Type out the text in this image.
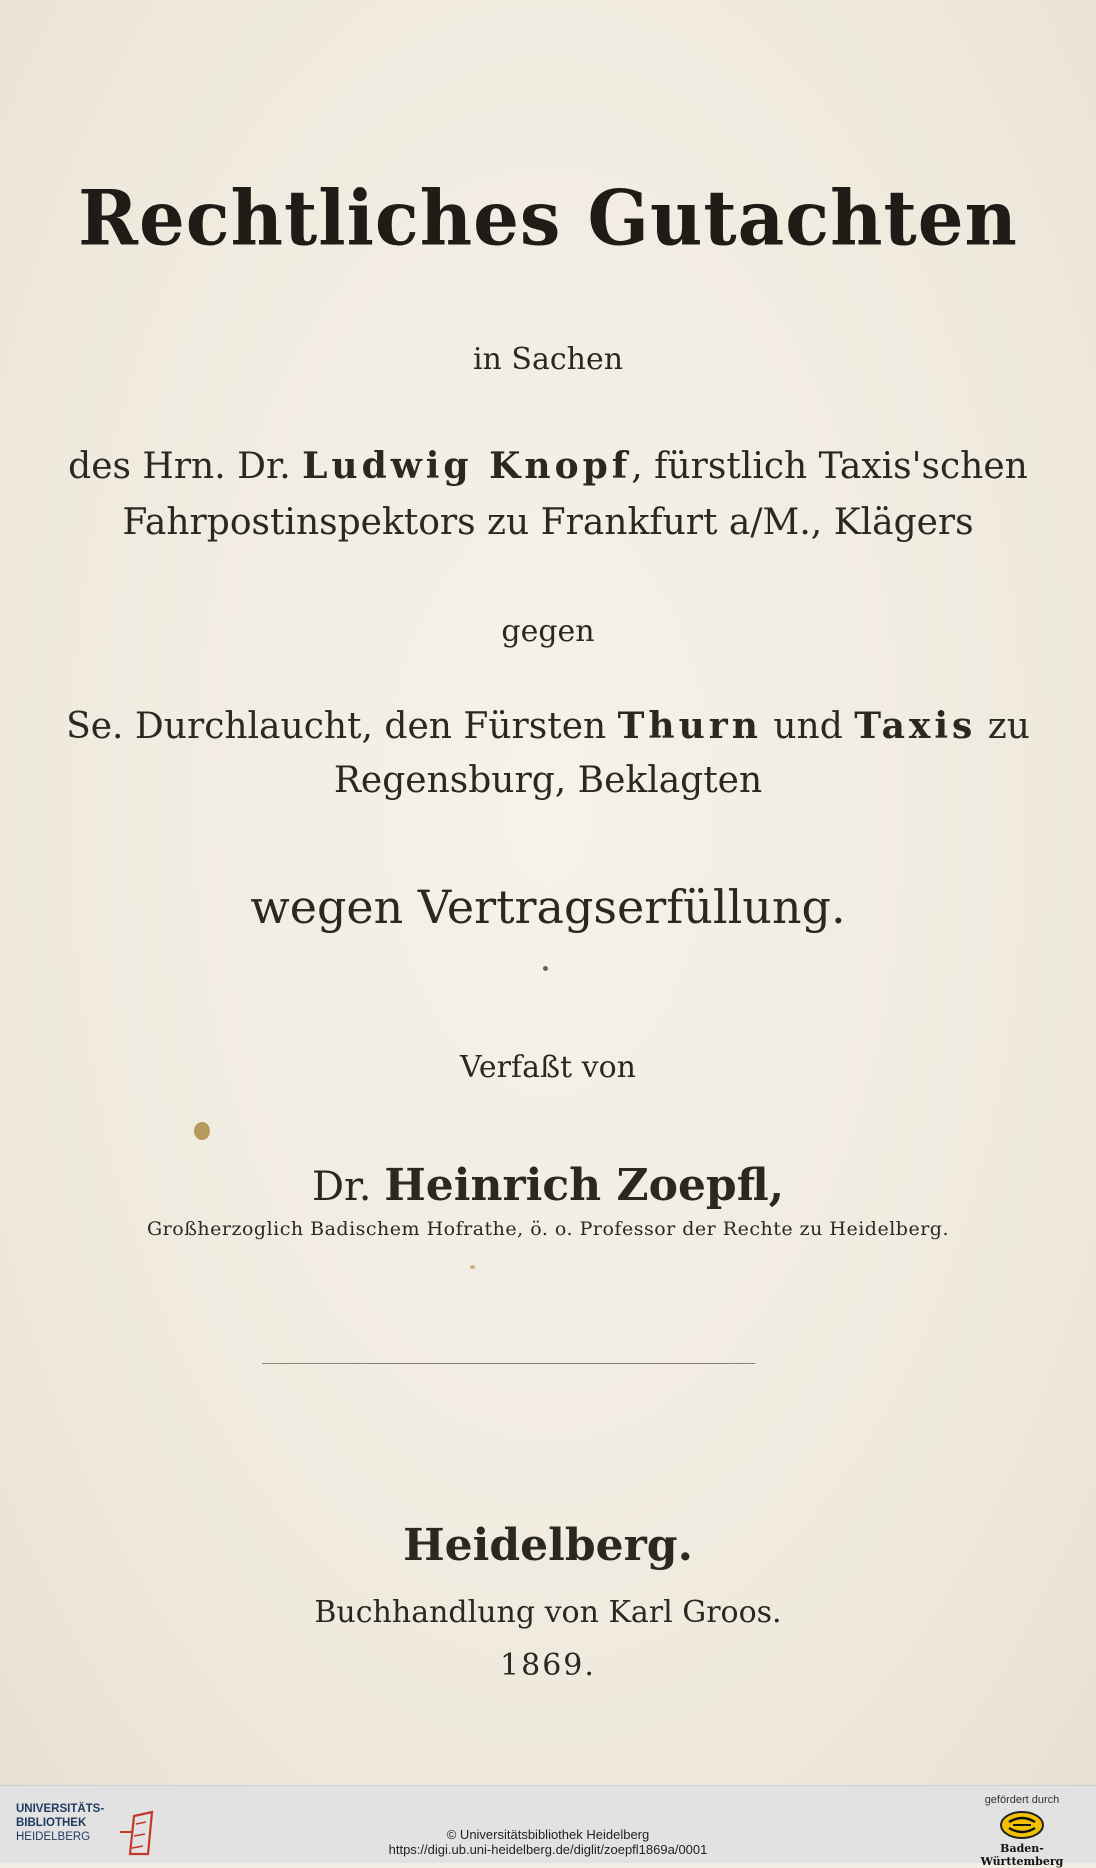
Rechtliches Gutachten
in Sachen
des Hrn. Dr. Ludwig Knopf, fürstlich Taxis'schen
Fahrpostinspektors zu Frankfurt a/M., Klägers
gegen
Se. Durchlaucht, den Fürsten Thurn und Taxis zu
Regensburg, Beklagten
wegen Vertragserfüllung.
Verfaßt von
Dr. Heinrich Zoepfl,
Großherzoglich Badischem Hofrathe, ö. o. Professor der Rechte zu Heidelberg.
Heidelberg.
Buchhandlung von Karl Groos.
1869.
UNIVERSITÄTS-
BIBLIOTHEK
HEIDELBERG	© Universitätsbibliothek Heidelberg
https://digi.ub.uni-heidelberg.de/diglit/zoepfl1869a/0001
gefördert durch
Baden-Württemberg
